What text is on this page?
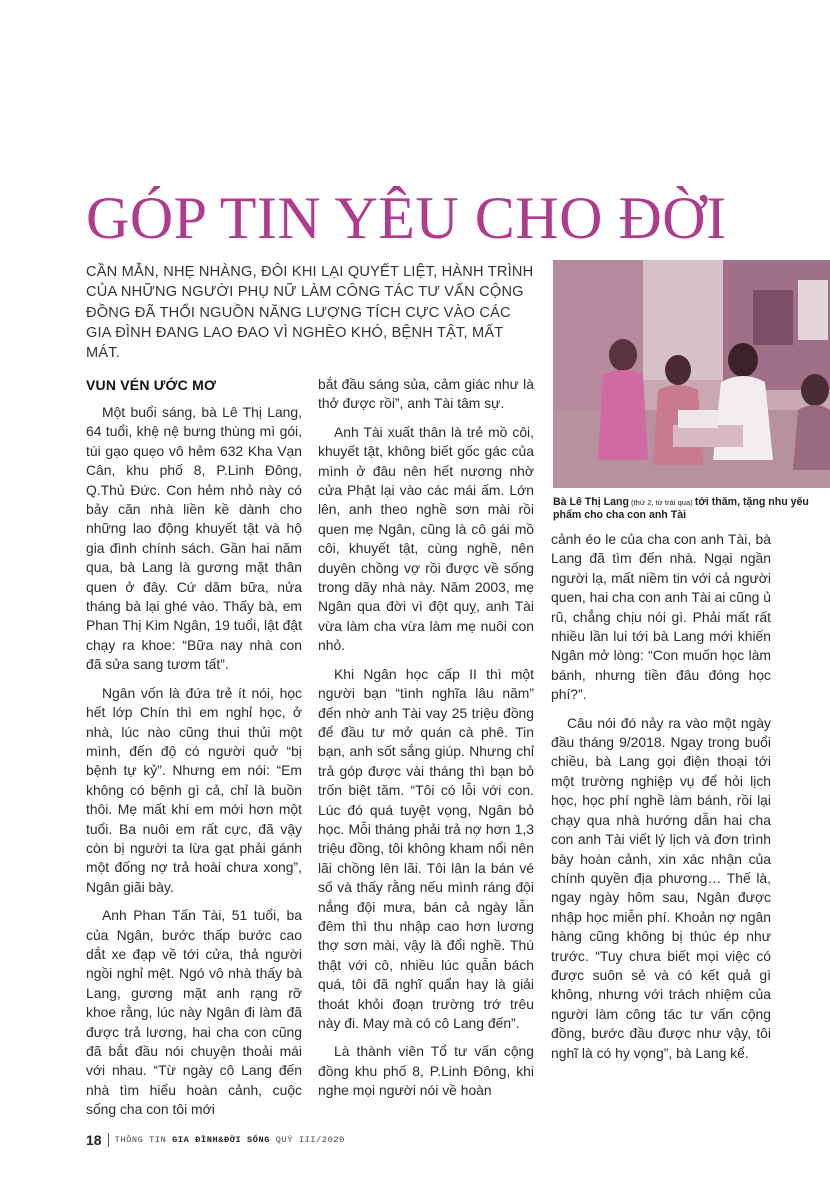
GÓP TIN YÊU CHO ĐỜI
CẦN MẪN, NHẸ NHÀNG, ĐÔI KHI LẠI QUYẾT LIỆT, HÀNH TRÌNH CỦA NHỮNG NGƯỜI PHỤ NỮ LÀM CÔNG TÁC TƯ VẤN CỘNG ĐỒNG ĐÃ THỔI NGUỒN NĂNG LƯỢNG TÍCH CỰC VÀO CÁC GIA ĐÌNH ĐANG LAO ĐAO VÌ NGHÈO KHÓ, BỆNH TẬT, MẤT MÁT.
Bà Lê Thị Lang (thứ 2, từ trái qua) tới thăm, tặng nhu yếu phẩm cho cha con anh Tài
VUN VÉN ƯỚC MƠ

Một buổi sáng, bà Lê Thị Lang, 64 tuổi, khệ nệ bưng thùng mì gói, túi gạo quẹo vô hẻm 632 Kha Vạn Cân, khu phố 8, P.Linh Đông, Q.Thủ Đức. Con hẻm nhỏ này có bảy căn nhà liền kề dành cho những lao động khuyết tật và hộ gia đình chính sách. Gần hai năm qua, bà Lang là gương mặt thân quen ở đây. Cứ dăm bữa, nửa tháng bà lại ghé vào. Thấy bà, em Phan Thị Kim Ngân, 19 tuổi, lật đật chạy ra khoe: “Bữa nay nhà con đã sửa sang tươm tất”.

Ngân vốn là đứa trẻ ít nói, học hết lớp Chín thì em nghỉ học, ở nhà, lúc nào cũng thui thủi một mình, đến độ có người quở “bị bệnh tự kỷ”. Nhưng em nói: “Em không có bệnh gì cả, chỉ là buồn thôi. Mẹ mất khi em mới hơn một tuổi. Ba nuôi em rất cực, đã vậy còn bị người ta lừa gạt phải gánh một đống nợ trả hoài chưa xong”, Ngân giãi bày.

Anh Phan Tấn Tài, 51 tuổi, ba của Ngân, bước thấp bước cao dắt xe đạp về tới cửa, thả người ngồi nghỉ mệt. Ngó vô nhà thấy bà Lang, gương mặt anh rạng rỡ khoe rằng, lúc này Ngân đi làm đã được trả lương, hai cha con cũng đã bắt đầu nói chuyện thoải mái với nhau. “Từ ngày cô Lang đến nhà tìm hiểu hoàn cảnh, cuộc sống cha con tôi mới

bắt đầu sáng sủa, cảm giác như là thở được rồi”, anh Tài tâm sự.

Anh Tài xuất thân là trẻ mồ côi, khuyết tật, không biết gốc gác của mình ở đâu nên hết nương nhờ cửa Phật lại vào các mái ấm. Lớn lên, anh theo nghề sơn mài rồi quen mẹ Ngân, cũng là cô gái mồ côi, khuyết tật, cùng nghề, nên duyên chồng vợ rồi được về sống trong dãy nhà này. Năm 2003, mẹ Ngân qua đời vì đột quỵ, anh Tài vừa làm cha vừa làm mẹ nuôi con nhỏ.

Khi Ngân học cấp II thì một người bạn “tình nghĩa lâu năm” đến nhờ anh Tài vay 25 triệu đồng để đầu tư mở quán cà phê. Tin bạn, anh sốt sắng giúp. Nhưng chỉ trả góp được vài tháng thì bạn bỏ trốn biệt tăm. “Tôi có lỗi với con. Lúc đó quá tuyệt vọng, Ngân bỏ học. Mỗi tháng phải trả nợ hơn 1,3 triệu đồng, tôi không kham nổi nên lãi chồng lên lãi. Tôi lân la bán vé số và thấy rằng nếu mình ráng đội nắng đội mưa, bán cả ngày lẫn đêm thì thu nhập cao hơn lương thợ sơn mài, vậy là đổi nghề. Thú thật với cô, nhiều lúc quẫn bách quá, tôi đã nghĩ quẩn hay là giải thoát khỏi đoạn trường trớ trêu này đi. May mà có cô Lang đến”.

Là thành viên Tổ tư vấn cộng đồng khu phố 8, P.Linh Đông, khi nghe mọi người nói về hoàn

cảnh éo le của cha con anh Tài, bà Lang đã tìm đến nhà. Ngại ngần người lạ, mất niềm tin với cả người quen, hai cha con anh Tài ai cũng ủ rũ, chẳng chịu nói gì. Phải mất rất nhiều lần lui tới bà Lang mới khiến Ngân mở lòng: “Con muốn học làm bánh, nhưng tiền đâu đóng học phí?”.

Câu nói đó nảy ra vào một ngày đầu tháng 9/2018. Ngay trong buổi chiều, bà Lang gọi điện thoại tới một trường nghiệp vụ để hỏi lịch học, học phí nghề làm bánh, rồi lại chạy qua nhà hướng dẫn hai cha con anh Tài viết lý lịch và đơn trình bày hoàn cảnh, xin xác nhận của chính quyền địa phương… Thế là, ngay ngày hôm sau, Ngân được nhập học miễn phí. Khoản nợ ngân hàng cũng không bị thúc ép như trước. “Tuy chưa biết mọi việc có được suôn sẻ và có kết quả gì không, nhưng với trách nhiệm của người làm công tác tư vấn cộng đồng, bước đầu được như vậy, tôi nghĩ là có hy vọng”, bà Lang kể.

18 THÔNG TIN GIA ĐÌNH&ĐỜI SỐNG QUÝ III/2020
